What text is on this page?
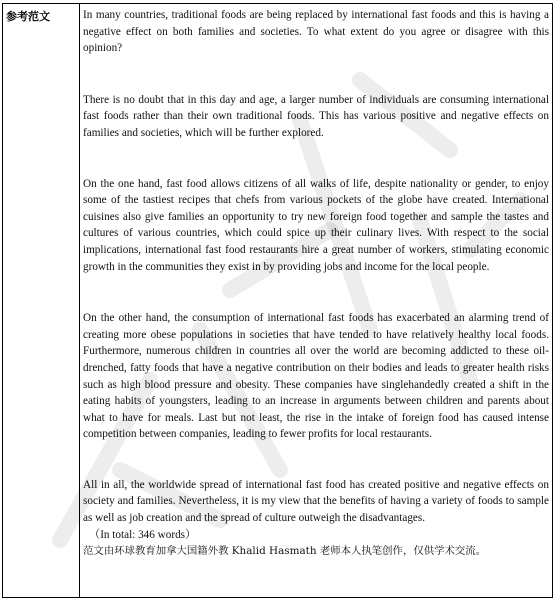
参考范文	In many countries, traditional foods are being replaced by international fast foods and this is having a negative effect on both families and societies. To what extent do you agree or disagree with this opinion?

There is no doubt that in this day and age, a larger number of individuals are consuming international fast foods rather than their own traditional foods. This has various positive and negative effects on families and societies, which will be further explored.

On the one hand, fast food allows citizens of all walks of life, despite nationality or gender, to enjoy some of the tastiest recipes that chefs from various pockets of the globe have created. International cuisines also give families an opportunity to try new foreign food together and sample the tastes and cultures of various countries, which could spice up their culinary lives. With respect to the social implications, international fast food restaurants hire a great number of workers, stimulating economic growth in the communities they exist in by providing jobs and income for the local people.

On the other hand, the consumption of international fast foods has exacerbated an alarming trend of creating more obese populations in societies that have tended to have relatively healthy local foods. Furthermore, numerous children in countries all over the world are becoming addicted to these oil-drenched, fatty foods that have a negative contribution on their bodies and leads to greater health risks such as high blood pressure and obesity. These companies have singlehandedly created a shift in the eating habits of youngsters, leading to an increase in arguments between children and parents about what to have for meals. Last but not least, the rise in the intake of foreign food has caused intense competition between companies, leading to fewer profits for local restaurants.

All in all, the worldwide spread of international fast food has created positive and negative effects on society and families. Nevertheless, it is my view that the benefits of having a variety of foods to sample as well as job creation and the spread of culture outweigh the disadvantages.

（In total: 346 words）

范文由环球教育加拿大国籍外教 Khalid Hasmath 老师本人执笔创作，仅供学术交流。
